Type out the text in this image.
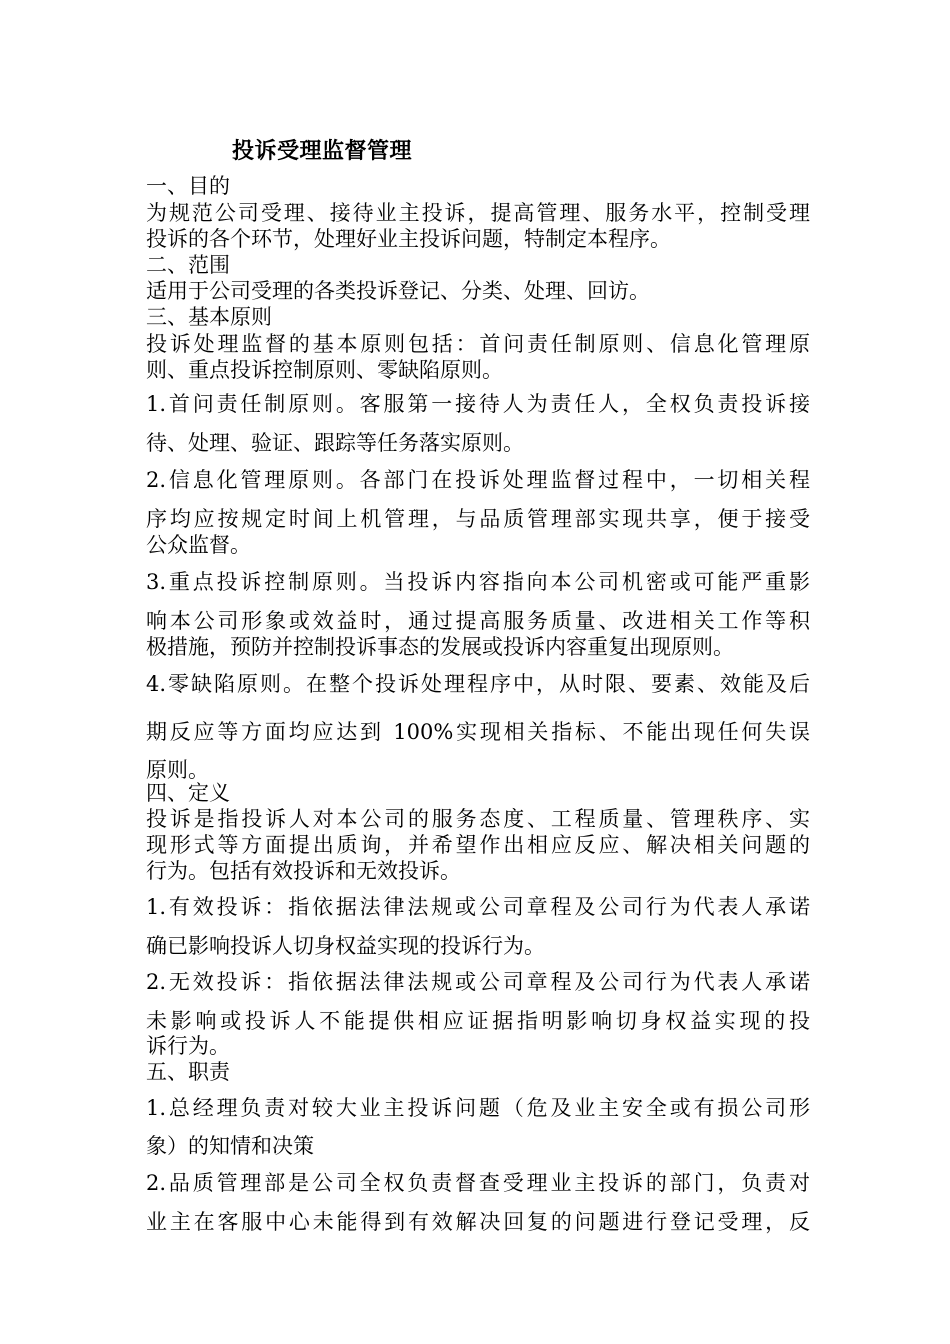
投诉受理监督管理
一、目的
为规范公司受理、接待业主投诉，提高管理、服务水平，控制受理
投诉的各个环节，处理好业主投诉问题，特制定本程序。
二、范围
适用于公司受理的各类投诉登记、分类、处理、回访。
三、基本原则
投诉处理监督的基本原则包括：首问责任制原则、信息化管理原
则、重点投诉控制原则、零缺陷原则。
1.首问责任制原则。客服第一接待人为责任人，全权负责投诉接
待、处理、验证、跟踪等任务落实原则。
2.信息化管理原则。各部门在投诉处理监督过程中，一切相关程
序均应按规定时间上机管理，与品质管理部实现共享，便于接受
公众监督。
3.重点投诉控制原则。当投诉内容指向本公司机密或可能严重影
响本公司形象或效益时，通过提高服务质量、改进相关工作等积
极措施，预防并控制投诉事态的发展或投诉内容重复出现原则。
4.零缺陷原则。在整个投诉处理程序中，从时限、要素、效能及后
期反应等方面均应达到 100%实现相关指标、不能出现任何失误
原则。
四、定义
投诉是指投诉人对本公司的服务态度、工程质量、管理秩序、实
现形式等方面提出质询，并希望作出相应反应、解决相关问题的
行为。包括有效投诉和无效投诉。
1.有效投诉：指依据法律法规或公司章程及公司行为代表人承诺
确已影响投诉人切身权益实现的投诉行为。
2.无效投诉：指依据法律法规或公司章程及公司行为代表人承诺
未影响或投诉人不能提供相应证据指明影响切身权益实现的投
诉行为。
五、职责
1.总经理负责对较大业主投诉问题（危及业主安全或有损公司形
象）的知情和决策
2.品质管理部是公司全权负责督查受理业主投诉的部门，负责对
业主在客服中心未能得到有效解决回复的问题进行登记受理，反
